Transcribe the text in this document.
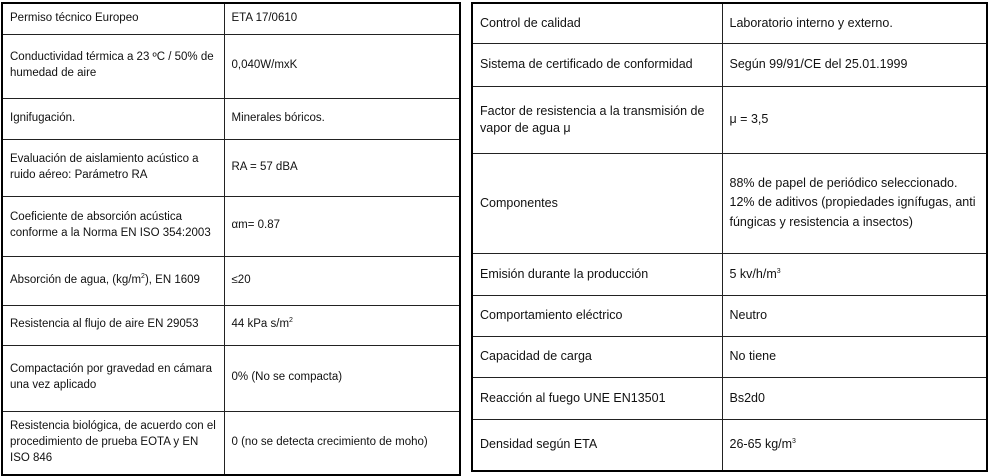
Permiso técnico Europeo	ETA 17/0610
Conductividad térmica a 23 ºC / 50% de humedad de aire	0,040W/mxK
Ignifugación.	Minerales bóricos.
Evaluación de aislamiento acústico a ruido aéreo: Parámetro RA	RA = 57 dBA
Coeficiente de absorción acústica conforme a la Norma EN ISO 354:2003	αm= 0.87
Absorción de agua, $(kg/m^2)$, EN 1609	≤20
Resistencia al flujo de aire EN 29053	44 kPa $s/m^2$
Compactación por gravedad en cámara una vez aplicado	0% (No se compacta)
Resistencia biológica, de acuerdo con el procedimiento de prueba EOTA y EN ISO 846	0 (no se detecta crecimiento de moho)
Control de calidad	Laboratorio interno y externo.
Sistema de certificado de conformidad	Según 99/91/CE del 25.01.1999
Factor de resistencia a la transmisión de vapor de agua μ	μ = 3,5
Componentes	88% de papel de periódico seleccionado.
12% de aditivos (propiedades ignífugas, anti fúngicas y resistencia a insectos)

Emisión durante la producción	5 $kv/h/m^3$
Comportamiento eléctrico	Neutro
Capacidad de carga	No tiene
Reacción al fuego UNE EN13501	Bs2d0
Densidad según ETA	26-65 $kg/m^3$
